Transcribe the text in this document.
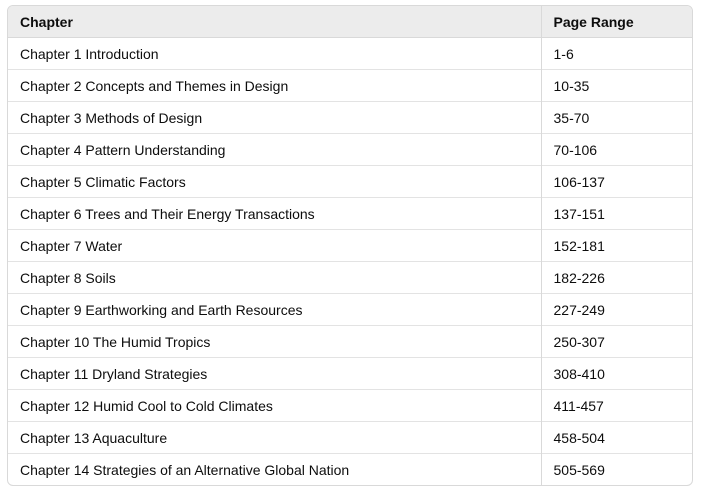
Chapter	Page Range
Chapter 1 Introduction	1-6
Chapter 2 Concepts and Themes in Design	10-35
Chapter 3 Methods of Design	35-70
Chapter 4 Pattern Understanding	70-106
Chapter 5 Climatic Factors	106-137
Chapter 6 Trees and Their Energy Transactions	137-151
Chapter 7 Water	152-181
Chapter 8 Soils	182-226
Chapter 9 Earthworking and Earth Resources	227-249
Chapter 10 The Humid Tropics	250-307
Chapter 11 Dryland Strategies	308-410
Chapter 12 Humid Cool to Cold Climates	411-457
Chapter 13 Aquaculture	458-504
Chapter 14 Strategies of an Alternative Global Nation	505-569
